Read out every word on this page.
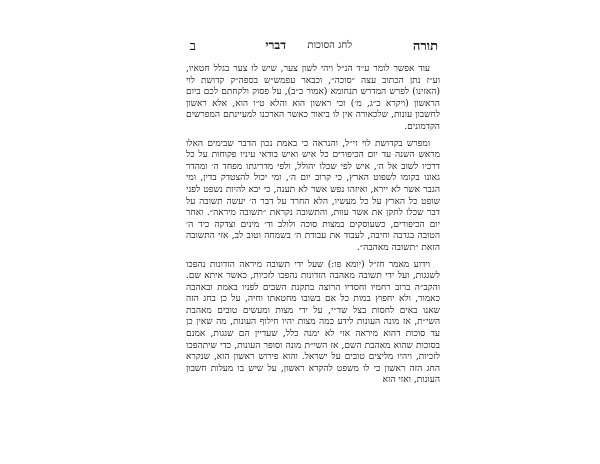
תורה
לחג הסוכות
דברי
ב

עוד אפשר לומר ע״ד הנ״ל ויהי לשון צער, שיש לו צער בגלל חטאיו, וע״ז נתן הכתוב עצה ״סוכה״, וכבאר עפמש״ש בספה״ק קדושת לוי (האזינו) לפרש המדרש תנחומא (אמור כ״ב), על פסוק ולקחתם לכם ביום הראשון (ויקרא כ״ג, מ׳) וכי ראשון הוא והלא ט״ו הוא, אלא ראשון לחשבון עונות, שלכאורה אין לו ביאור כאשר הארכנו למעיינתם המפרשים הקדמונים.

ומפרש בקדושת לוי זי״ל, והנראה כי באמת נכון הדבר שבימים האלו מראש השנה עד יום הכיפורים כל איש ואיש בודאי עיניו פקוחות על כל דרכיו לשוב אל ה׳, איש לפי שכלו יהולל, ולפי מדריגתו מפחד ה׳ ומהדר גאונו בקומו לשפוט הארץ, כי קרוב יום ה׳, ומי יכול להצטדק בדין, ומי הגבר אשר לא יירא, ואיזהו נפש אשר לא תענה, כי יבא להיות נשפט לפני שופט כל הארץ על כל מעשיו, הלא החרד על דבר ה׳ יעשה תשובה על דבר שכלו לתקן את אשר עוות, והתשובה נקראת ״תשובה מיראה״. ואחר יום הכיפורים, כשעוסקים במצות סוכה ולולב וד׳ מינים וצדקה כיד ה׳ הטובה בגדבה וחיבה, לעבוד את עבודת ה׳ בשמחה וטוב לב, אזי התשובה הזאת ״תשובה מאהבה״.

וידוע מאמר חז״ל (יומא פו:) שעל ידי תשובה מיראה הזדונות נהפכו לשגגות, ועל ידי תשובה מאהבה הזדונות נהפכו לזכיות, כאשר איתא שם. והקב״ה ברוב רחמיו וחסדיו הרוצה בתקנת השבים לפניו באמת ובאהבה כאמור, ולא יחפוץ במות כל אם בשובו מחטאתו וחיה, על כן בחג הזה שאנו באים לחסות בצל שד״י, על ידי מצות ומעשים טובים מאהבת השי״ת, אז מונה העונות לידע כמה מצות יהיו חילוף העונות, מה שאין כן עד סוכות דהוא מיראה אזי לא ימנה כלל, שעדיין הם שגגות, אמנם בסוכות שהוא מאהבת השם, אז השי״ת מונה וסופר העונות, כדי שיתהפכו לזכיות, ויהיו מליצים טובים על ישראל. והוא פירוש ראשון הוא, שנקרא החג הזה ראשון כי לו משפט להקרא ראשון, על שיש בו מעלות חשבון העונות, ואזי הוא
